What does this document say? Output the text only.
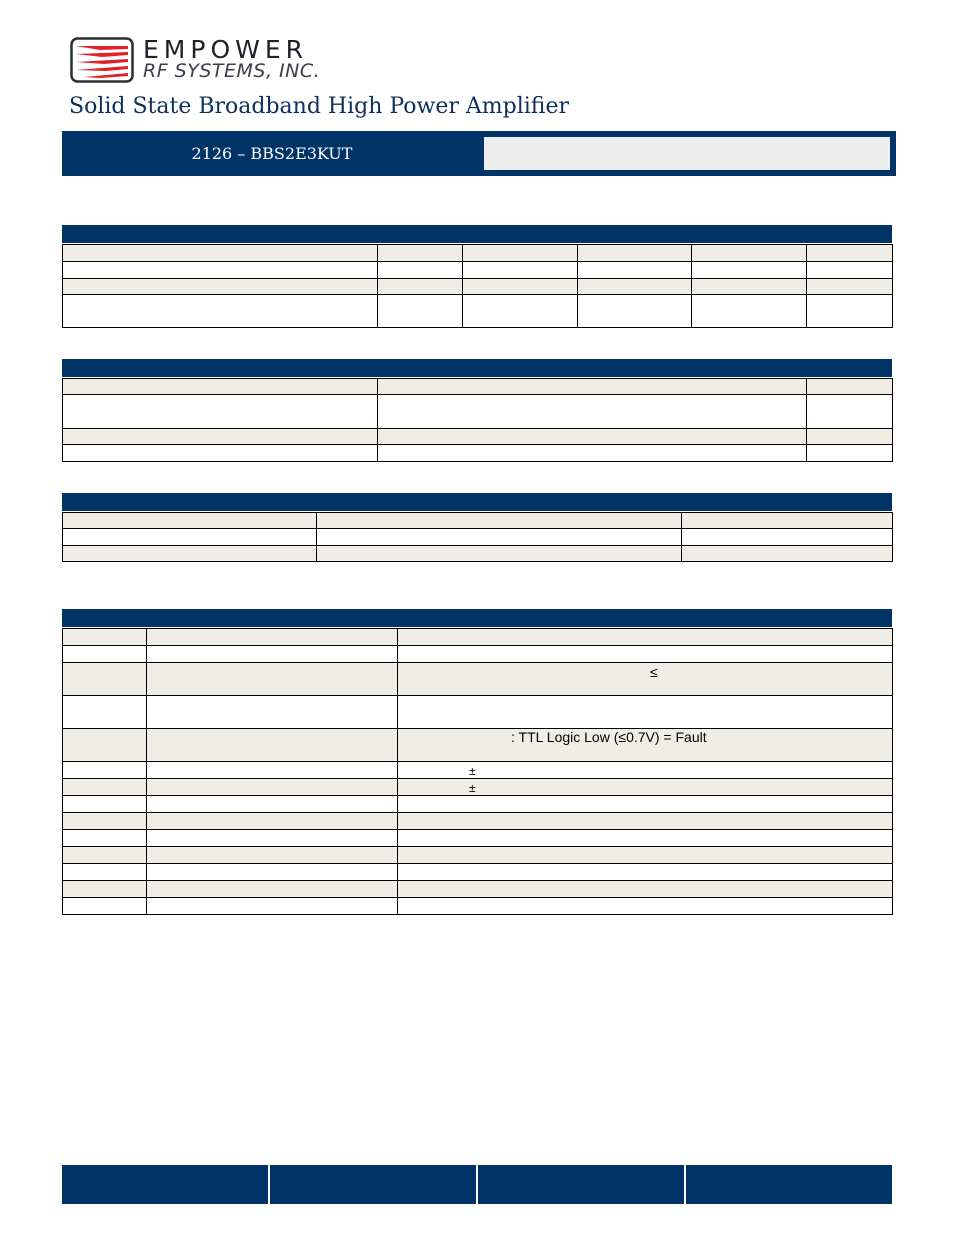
EMPOWER
RF SYSTEMS, INC.
Solid State Broadband High Power Amplifier
2126 – BBS2E3KUT

		≤

		: TTL Logic Low (≤0.7V) = Fault
		±
		±
